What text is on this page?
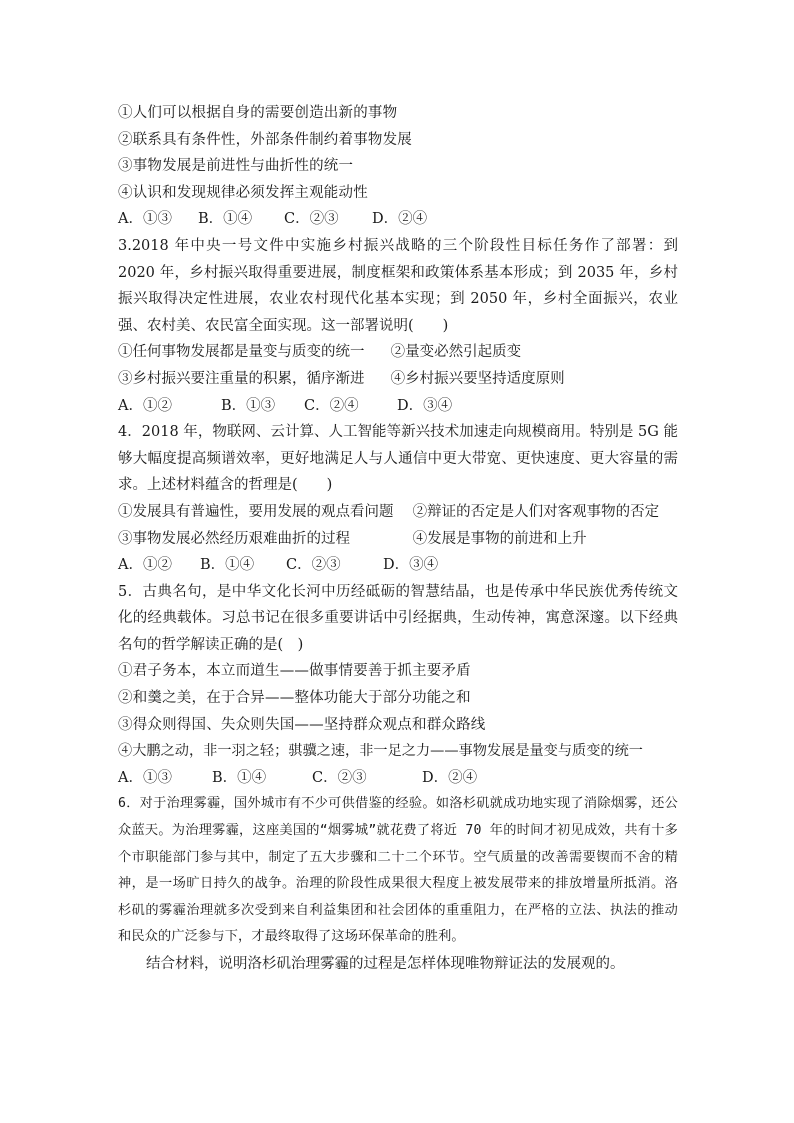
①人们可以根据自身的需要创造出新的事物
②联系具有条件性，外部条件制约着事物发展
③事物发展是前进性与曲折性的统一
④认识和发现规律必须发挥主观能动性
A．①③	B．①④	C．②③	D．②④
3.2018 年中央一号文件中实施乡村振兴战略的三个阶段性目标任务作了部署：到 2020 年，乡村振兴取得重要进展，制度框架和政策体系基本形成；到 2035 年，乡村振兴取得决定性进展，农业农村现代化基本实现；到 2050 年，乡村全面振兴，农业强、农村美、农民富全面实现。这一部署说明(　　)
①任何事物发展都是量变与质变的统一 ②量变必然引起质变
③乡村振兴要注重量的积累，循序渐进 ④乡村振兴要坚持适度原则
A．①②	B．①③	C．②④	D．③④
4．2018 年，物联网、云计算、人工智能等新兴技术加速走向规模商用。特别是 5G 能够大幅度提高频谱效率，更好地满足人与人通信中更大带宽、更快速度、更大容量的需求。上述材料蕴含的哲理是(　　)
①发展具有普遍性，要用发展的观点看问题 ②辩证的否定是人们对客观事物的否定
③事物发展必然经历艰难曲折的过程	④发展是事物的前进和上升
A．①②	B．①④	C．②③	D．③④
5．古典名句，是中华文化长河中历经砥砺的智慧结晶，也是传承中华民族优秀传统文化的经典载体。习总书记在很多重要讲话中引经据典，生动传神，寓意深邃。以下经典名句的哲学解读正确的是(　)
①君子务本，本立而道生——做事情要善于抓主要矛盾
②和羹之美，在于合异——整体功能大于部分功能之和
③得众则得国、失众则失国——坚持群众观点和群众路线
④大鹏之动，非一羽之轻；骐骥之速，非一足之力——事物发展是量变与质变的统一
A．①③	B．①④	C．②③	D．②④
6．对于治理雾霾，国外城市有不少可供借鉴的经验。如洛杉矶就成功地实现了消除烟雾，还公众蓝天。为治理雾霾，这座美国的“烟雾城”就花费了将近 70 年的时间才初见成效，共有十多个市职能部门参与其中，制定了五大步骤和二十二个环节。空气质量的改善需要锲而不舍的精神，是一场旷日持久的战争。治理的阶段性成果很大程度上被发展带来的排放增量所抵消。洛杉矶的雾霾治理就多次受到来自利益集团和社会团体的重重阻力，在严格的立法、执法的推动和民众的广泛参与下，才最终取得了这场环保革命的胜利。
结合材料，说明洛杉矶治理雾霾的过程是怎样体现唯物辩证法的发展观的。
